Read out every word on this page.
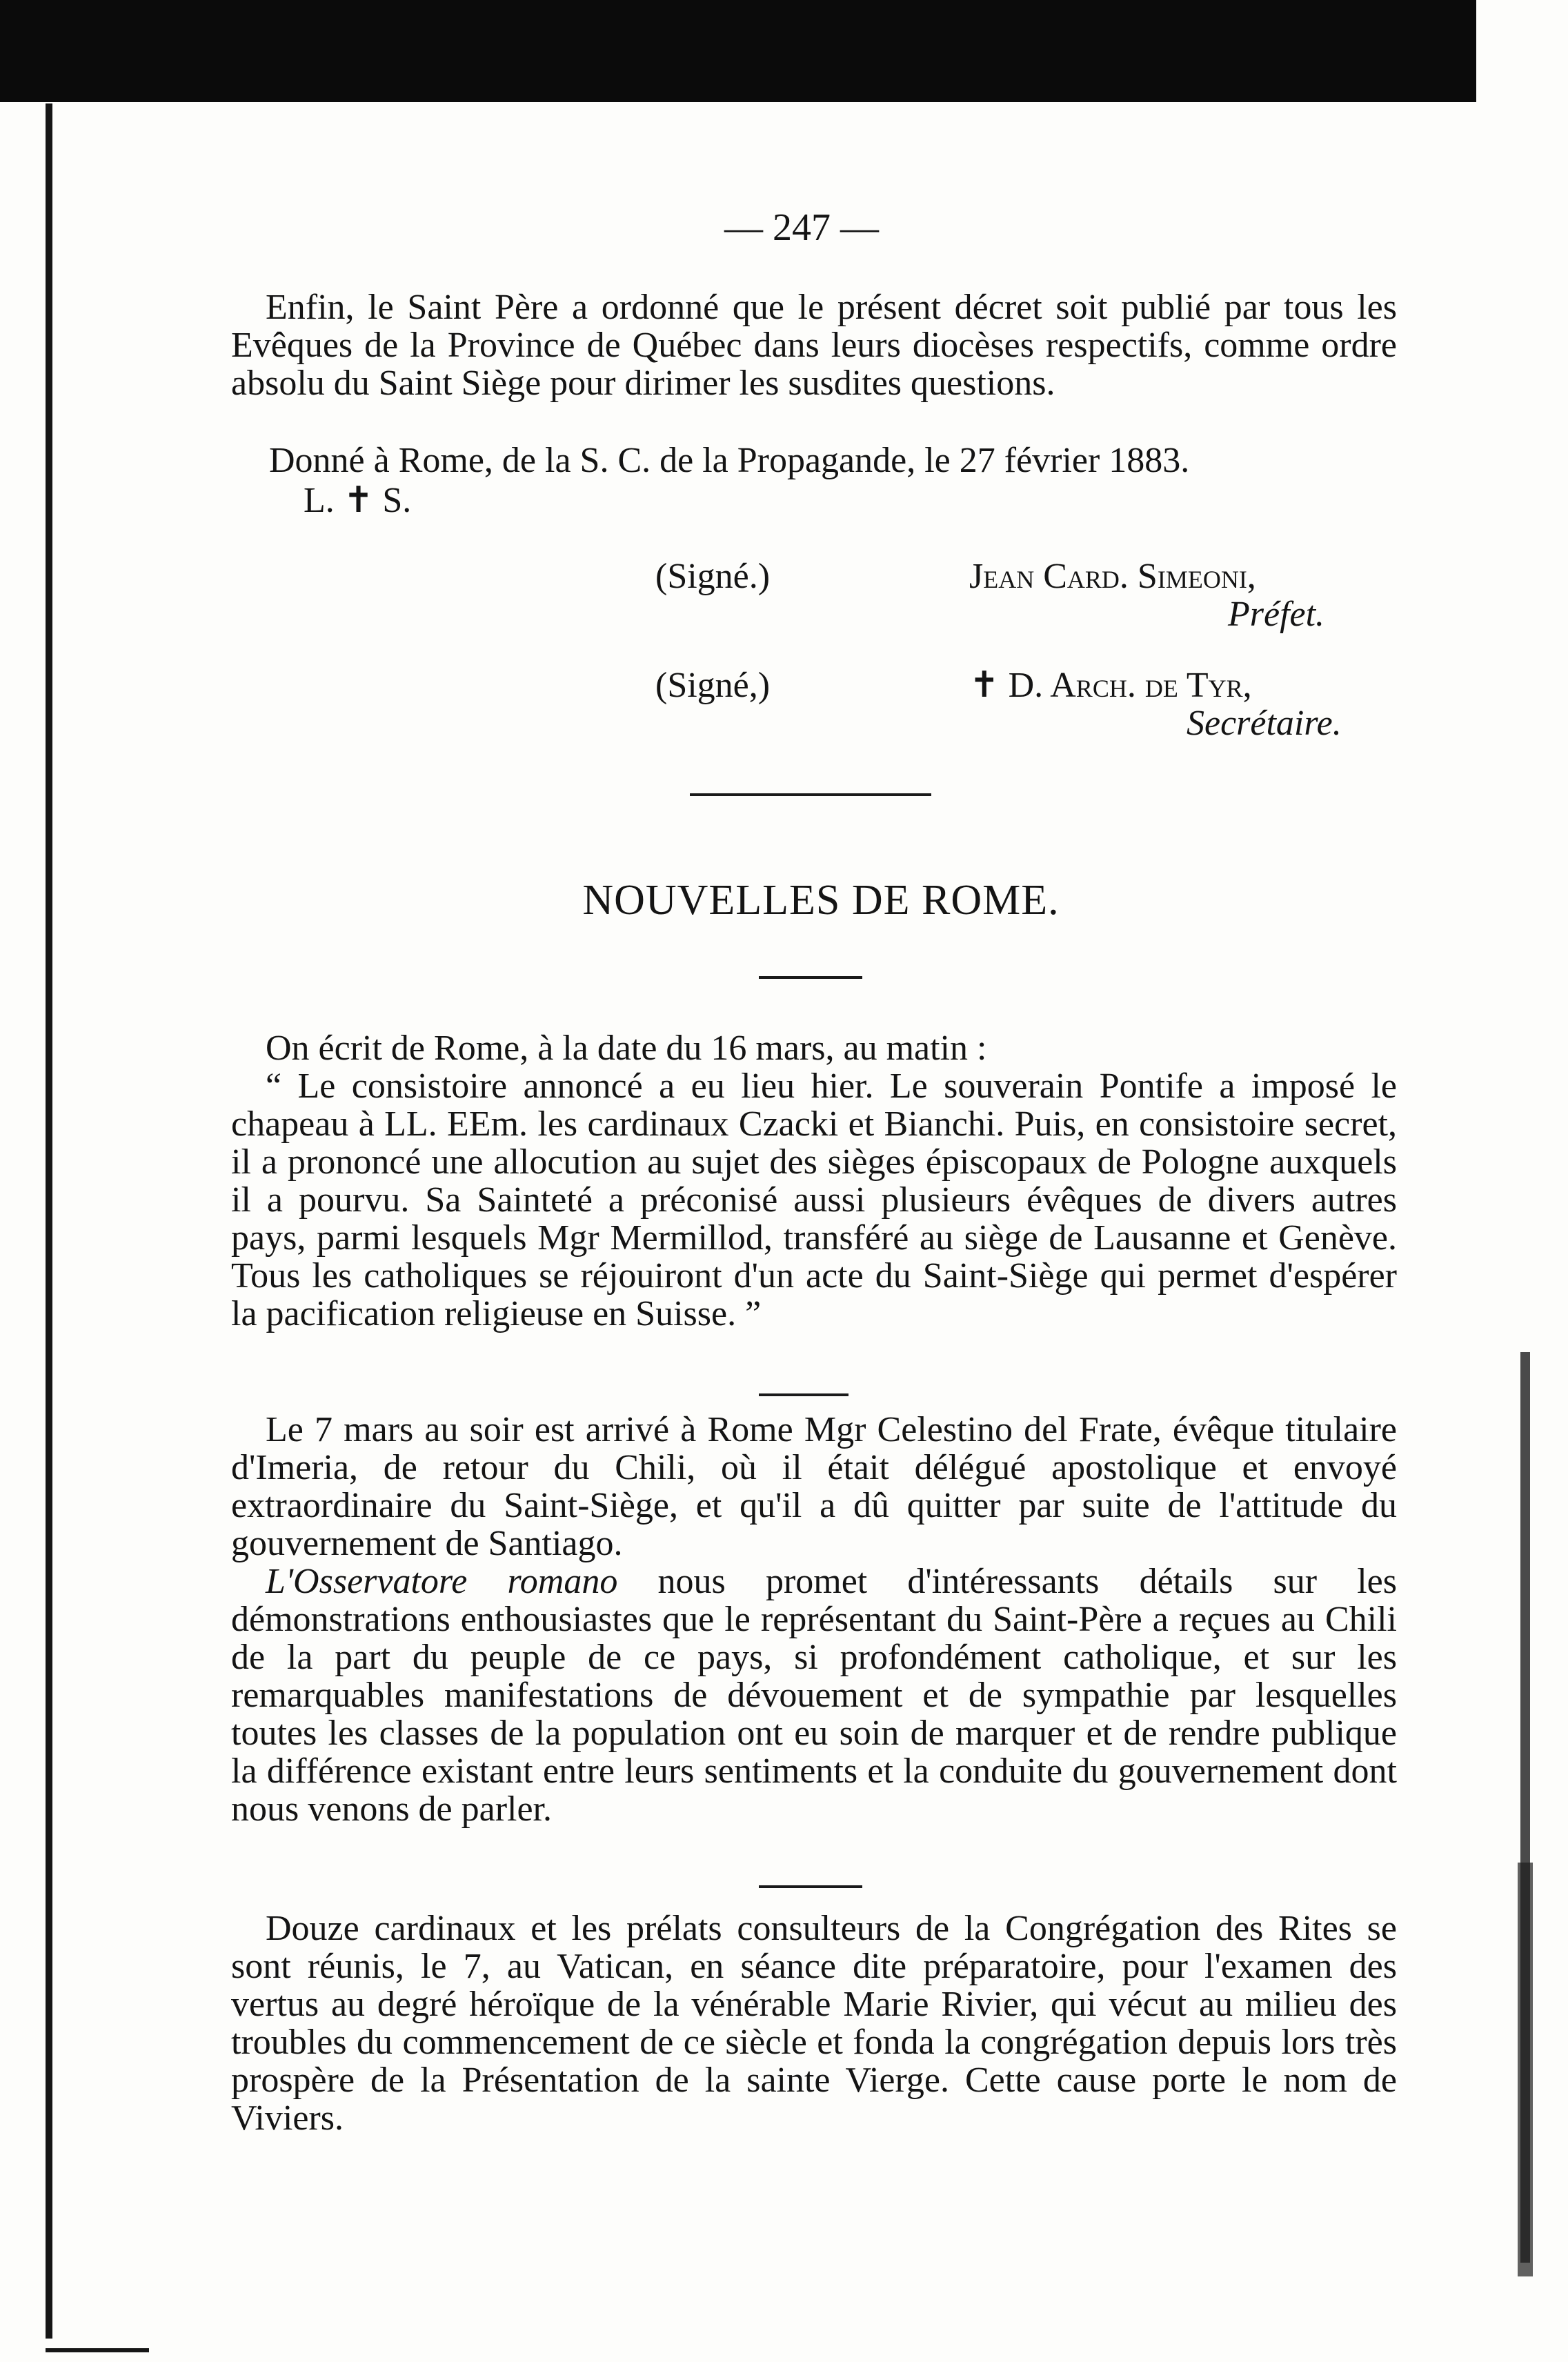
— 247 —

Enfin, le Saint Père a ordonné que le présent décret soit publié par tous les Evêques de la Province de Québec dans leurs diocèses respectifs, comme ordre absolu du Saint Siège pour dirimer les susdites questions.

Donné à Rome, de la S. C. de la Propagande, le 27 février 1883.
L. ✝ S.
(Signé.)	Jean Card. Simeoni,
Préfet.
(Signé,)	✝ D. Arch. de Tyr,
Secrétaire.
NOUVELLES DE ROME.
On écrit de Rome, à la date du 16 mars, au matin :

“ Le consistoire annoncé a eu lieu hier. Le souverain Pontife a imposé le chapeau à LL. EEm. les cardinaux Czacki et Bianchi. Puis, en consistoire secret, il a prononcé une allocution au sujet des sièges épiscopaux de Pologne auxquels il a pourvu. Sa Sainteté a préconisé aussi plusieurs évêques de divers autres pays, parmi lesquels Mgr Mermillod, transféré au siège de Lausanne et Genève. Tous les catholiques se réjouiront d'un acte du Saint-Siège qui permet d'espérer la pacification religieuse en Suisse. ”

Le 7 mars au soir est arrivé à Rome Mgr Celestino del Frate, évêque titulaire d'Imeria, de retour du Chili, où il était délégué apostolique et envoyé extraordinaire du Saint-Siège, et qu'il a dû quitter par suite de l'attitude du gouvernement de Santiago.

L'Osservatore romano nous promet d'intéressants détails sur les démonstrations enthousiastes que le représentant du Saint-Père a reçues au Chili de la part du peuple de ce pays, si profondément catholique, et sur les remarquables manifestations de dévouement et de sympathie par lesquelles toutes les classes de la population ont eu soin de marquer et de rendre publique la différence existant entre leurs sentiments et la conduite du gouvernement dont nous venons de parler.

Douze cardinaux et les prélats consulteurs de la Congrégation des Rites se sont réunis, le 7, au Vatican, en séance dite préparatoire, pour l'examen des vertus au degré héroïque de la vénérable Marie Rivier, qui vécut au milieu des troubles du commencement de ce siècle et fonda la congrégation depuis lors très prospère de la Présentation de la sainte Vierge. Cette cause porte le nom de Viviers.
